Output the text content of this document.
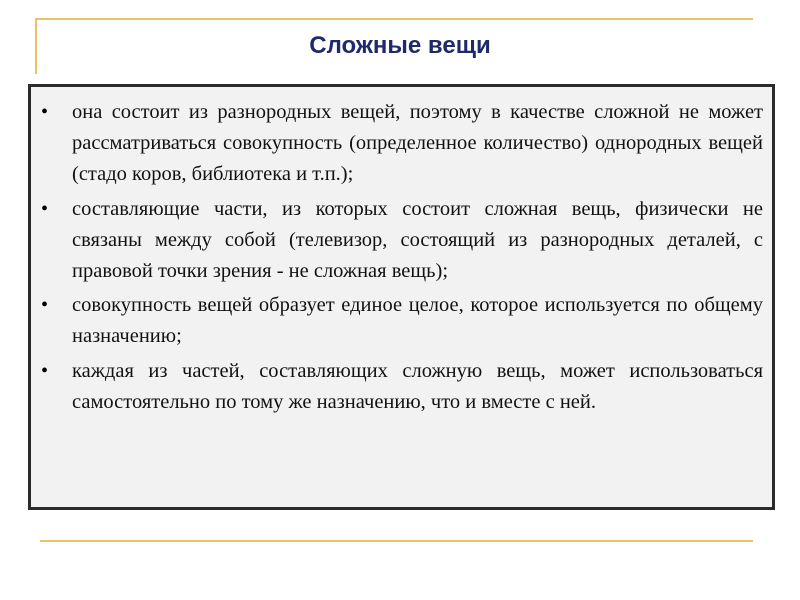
Сложные вещи
• она состоит из разнородных вещей, поэтому в качестве сложной не может рассматриваться совокупность (определенное количество) однородных вещей (стадо коров, библиотека и т.п.);
• составляющие части, из которых состоит сложная вещь, физически не связаны между собой (телевизор, состоящий из разнородных деталей, с правовой точки зрения - не сложная вещь);
• совокупность вещей образует единое целое, которое используется по общему назначению;
• каждая из частей, составляющих сложную вещь, может использоваться самостоятельно по тому же назначению, что и вместе с ней.
